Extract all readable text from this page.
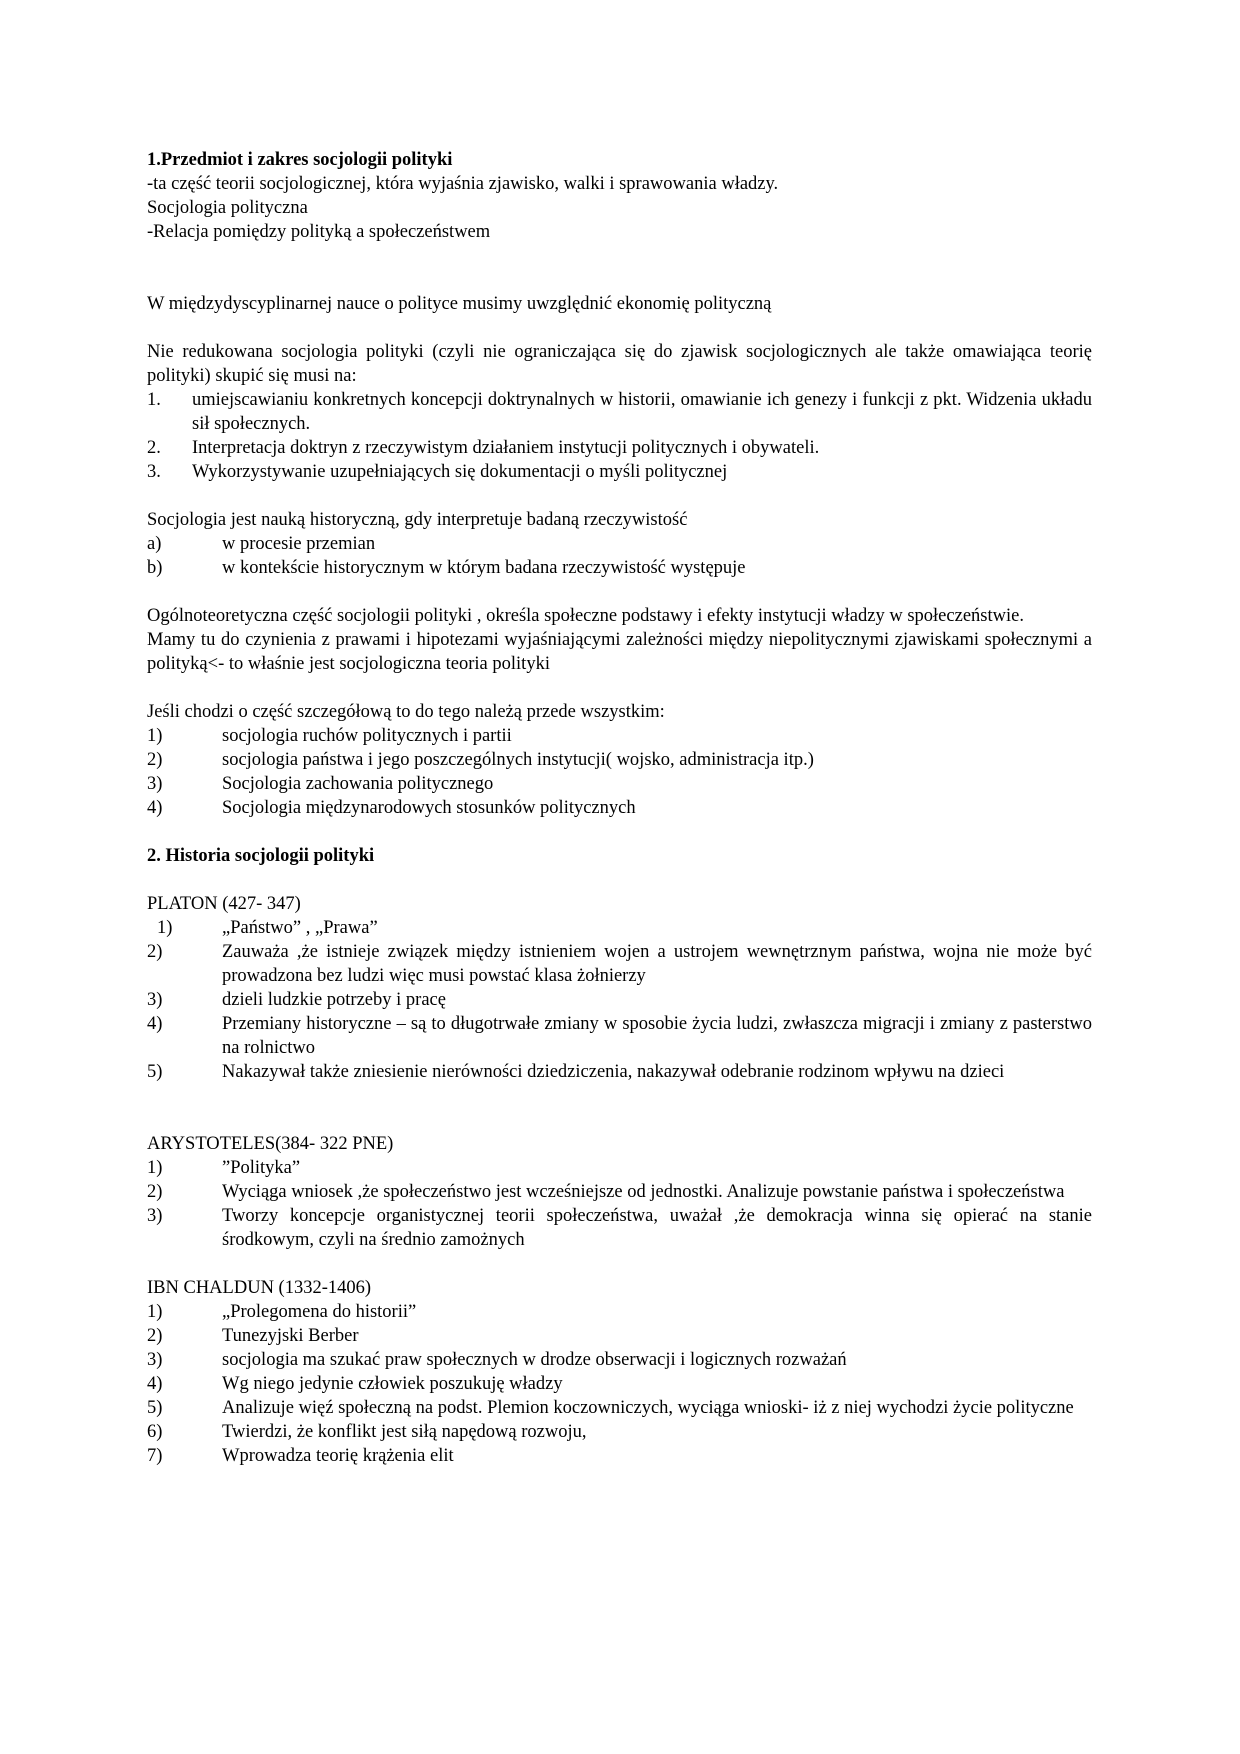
1.Przedmiot i zakres socjologii polityki

-ta część teorii socjologicznej, która wyjaśnia zjawisko, walki i sprawowania władzy.

Socjologia polityczna

-Relacja pomiędzy polityką a społeczeństwem

W międzydyscyplinarnej nauce o polityce musimy uwzględnić ekonomię polityczną

Nie redukowana socjologia polityki (czyli nie ograniczająca się do zjawisk socjologicznych ale także omawiająca teorię polityki) skupić się musi na:

1.	umiejscawianiu konkretnych koncepcji doktrynalnych w historii, omawianie ich genezy i funkcji z pkt. Widzenia układu sił społecznych.
2.	Interpretacja doktryn z rzeczywistym działaniem instytucji politycznych i obywateli.
3.	Wykorzystywanie uzupełniających się dokumentacji o myśli politycznej

Socjologia jest nauką historyczną, gdy interpretuje badaną rzeczywistość

a)	w procesie przemian
b)	w kontekście historycznym w którym badana rzeczywistość występuje

Ogólnoteoretyczna część socjologii polityki , określa społeczne podstawy i efekty instytucji władzy w społeczeństwie.

Mamy tu do czynienia z prawami i hipotezami wyjaśniającymi zależności między niepolitycznymi zjawiskami społecznymi a polityką<- to właśnie jest socjologiczna teoria polityki

Jeśli chodzi o część szczegółową to do tego należą przede wszystkim:

1)	socjologia ruchów politycznych i partii
2)	socjologia państwa i jego poszczególnych instytucji( wojsko, administracja itp.)
3)	Socjologia zachowania politycznego
4)	Socjologia międzynarodowych stosunków politycznych

2. Historia socjologii polityki

PLATON (427- 347)

1)	„Państwo” , „Prawa”
2)	Zauważa ,że istnieje związek między istnieniem wojen a ustrojem wewnętrznym państwa, wojna nie może być prowadzona bez ludzi więc musi powstać klasa żołnierzy
3)	dzieli ludzkie potrzeby i pracę
4)	Przemiany historyczne – są to długotrwałe zmiany w sposobie życia ludzi, zwłaszcza migracji i zmiany z pasterstwo na rolnictwo
5)	Nakazywał także zniesienie nierówności dziedziczenia, nakazywał odebranie rodzinom wpływu na dzieci

ARYSTOTELES(384- 322 PNE)

1)	”Polityka”
2)	Wyciąga wniosek ,że społeczeństwo jest wcześniejsze od jednostki. Analizuje powstanie państwa i społeczeństwa
3)	Tworzy koncepcje organistycznej teorii społeczeństwa, uważał ,że demokracja winna się opierać na stanie środkowym, czyli na średnio zamożnych

IBN CHALDUN (1332-1406)

1)	„Prolegomena do historii”
2)	Tunezyjski Berber
3)	socjologia ma szukać praw społecznych w drodze obserwacji i logicznych rozważań
4)	Wg niego jedynie człowiek poszukuję władzy
5)	Analizuje więź społeczną na podst. Plemion koczowniczych, wyciąga wnioski- iż z niej wychodzi życie polityczne
6)	Twierdzi, że konflikt jest siłą napędową rozwoju,
7)	Wprowadza teorię krążenia elit
